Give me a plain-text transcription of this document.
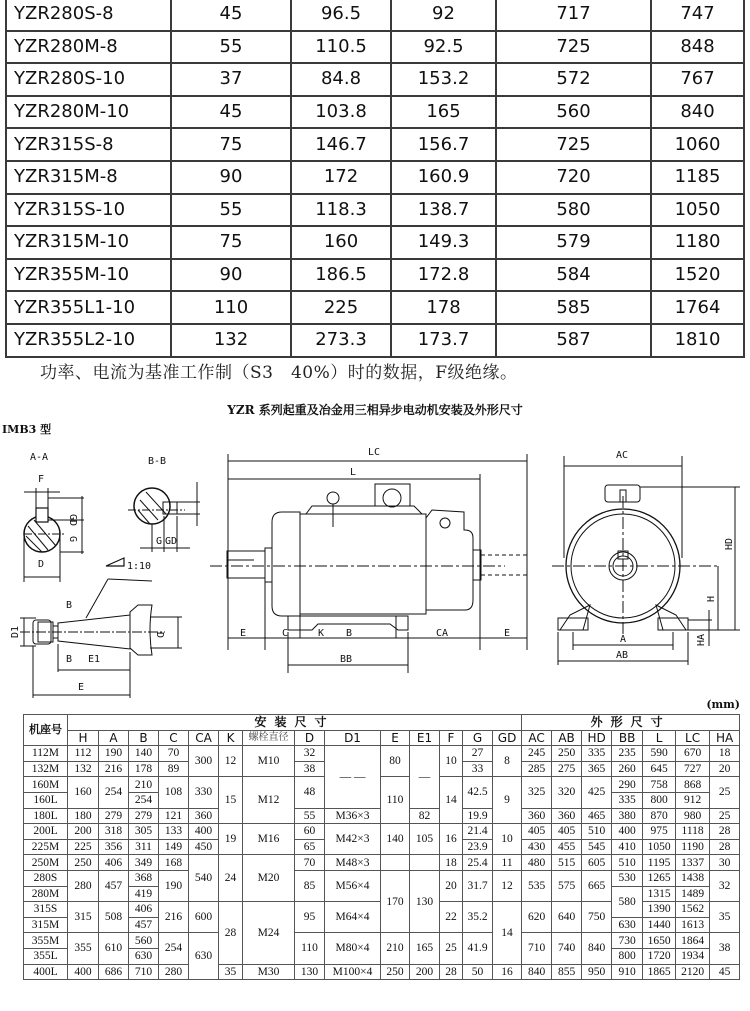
YZR280S-8	45	96.5	92	717	747
YZR280M-8	55	110.5	92.5	725	848
YZR280S-10	37	84.8	153.2	572	767
YZR280M-10	45	103.8	165	560	840
YZR315S-8	75	146.7	156.7	725	1060
YZR315M-8	90	172	160.9	720	1185
YZR315S-10	55	118.3	138.7	580	1050
YZR315M-10	75	160	149.3	579	1180
YZR355M-10	90	186.5	172.8	584	1520
YZR355L1-10	110	225	178	585	1764
YZR355L2-10	132	273.3	173.7	587	1810
功率、电流为基准工作制（S3　40%）时的数据，F级绝缘。
YZR 系列起重及冶金用三相异步电动机安装及外形尺寸
IMB3 型
A-A	B-B
F
GD
G
D
G GD
1:10
B
B E1
E
D1	D
LC
L
E	C	K B	CA	E
BB
AC
A
AB
HD
H
HA
(mm)
机座号	安装尺寸														外形尺寸						
	H	A	B	C	CA	K	螺栓直径	D	D1	E	E1	F	G	GD	AC	AB	HD	BB	L	LC	HA
112M	112	190	140	70	300	12	M10	32	— —	80	—	10	27	8	245	250	335	235	590	670	18
132M	132	216	178	89				38					33		285	275	365	260	645	727	20
160M	160	254	210	108	330	15	M12	48		110		14	42.5	9	325	320	425	290	758	868	25
160L			254															335	800	912	
180L	180	279	279	121	360			55	M36×3		82		19.9		360	360	465	380	870	980	25
200L	200	318	305	133	400	19	M16	60	M42×3	140	105	16	21.4	10	405	405	510	400	975	1118	28
225M	225	356	311	149	450			65					23.9		430	455	545	410	1050	1190	28
250M	250	406	349	168	540	24	M20	70	M48×3			18	25.4	11	480	515	605	510	1195	1337	30
280S	280	457	368	190				85	M56×4	170	130	20	31.7	12	535	575	665	530	1265	1438	32
280M			419															580	1315	1489	
315S	315	508	406	216	600	28	M24	95	M64×4			22	35.2	14	620	640	750		1390	1562	35
315M			457															630	1440	1613	
355M	355	610	560	254	630			110	M80×4	210	165	25	41.9		710	740	840	730	1650	1864	38
355L			630															800	1720	1934	
400L	400	686	710	280		35	M30	130	M100×4	250	200	28	50	16	840	855	950	910	1865	2120	45
